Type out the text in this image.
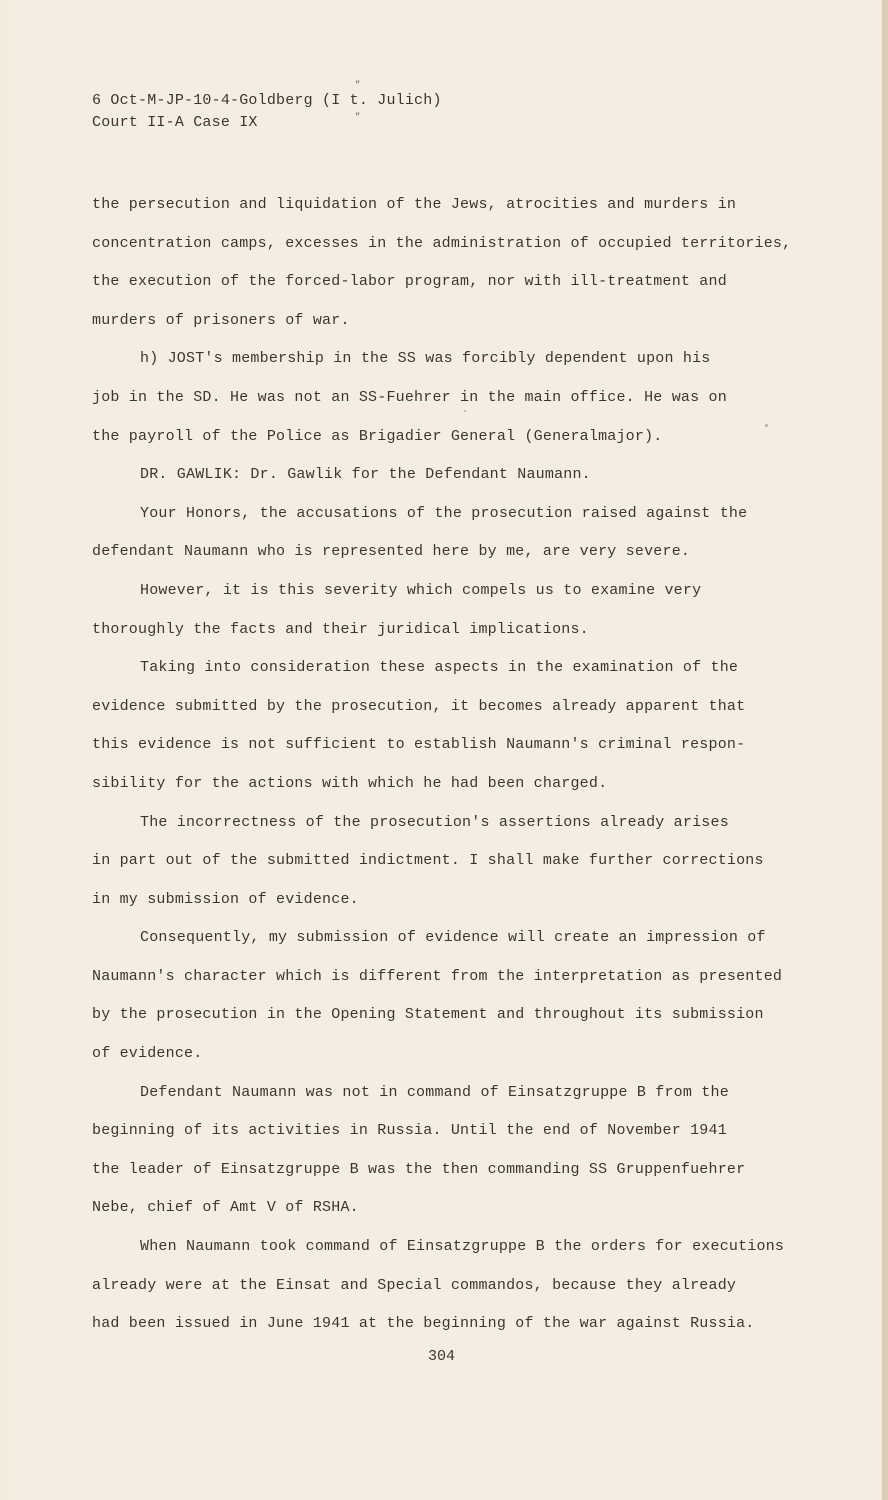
6 Oct-M-JP-10-4-Goldberg (I t. Julich)
Court II-A Case IX
"
"
the persecution and liquidation of the Jews, atrocities and murders in
concentration camps, excesses in the administration of occupied territories,
the execution of the forced-labor program, nor with ill-treatment and
murders of prisoners of war.
h) JOST's membership in the SS was forcibly dependent upon his
job in the SD. He was not an SS-Fuehrer in the main office. He was on
the payroll of the Police as Brigadier General (Generalmajor).
DR. GAWLIK: Dr. Gawlik for the Defendant Naumann.
Your Honors, the accusations of the prosecution raised against the
defendant Naumann who is represented here by me, are very severe.
However, it is this severity which compels us to examine very
thoroughly the facts and their juridical implications.
Taking into consideration these aspects in the examination of the
evidence submitted by the prosecution, it becomes already apparent that
this evidence is not sufficient to establish Naumann's criminal respon-
sibility for the actions with which he had been charged.
The incorrectness of the prosecution's assertions already arises
in part out of the submitted indictment. I shall make further corrections
in my submission of evidence.
Consequently, my submission of evidence will create an impression of
Naumann's character which is different from the interpretation as presented
by the prosecution in the Opening Statement and throughout its submission
of evidence.
Defendant Naumann was not in command of Einsatzgruppe B from the
beginning of its activities in Russia. Until the end of November 1941
the leader of Einsatzgruppe B was the then commanding SS Gruppenfuehrer
Nebe, chief of Amt V of RSHA.
When Naumann took command of Einsatzgruppe B the orders for executions
already were at the Einsat and Special commandos, because they already
had been issued in June 1941 at the beginning of the war against Russia.
304
